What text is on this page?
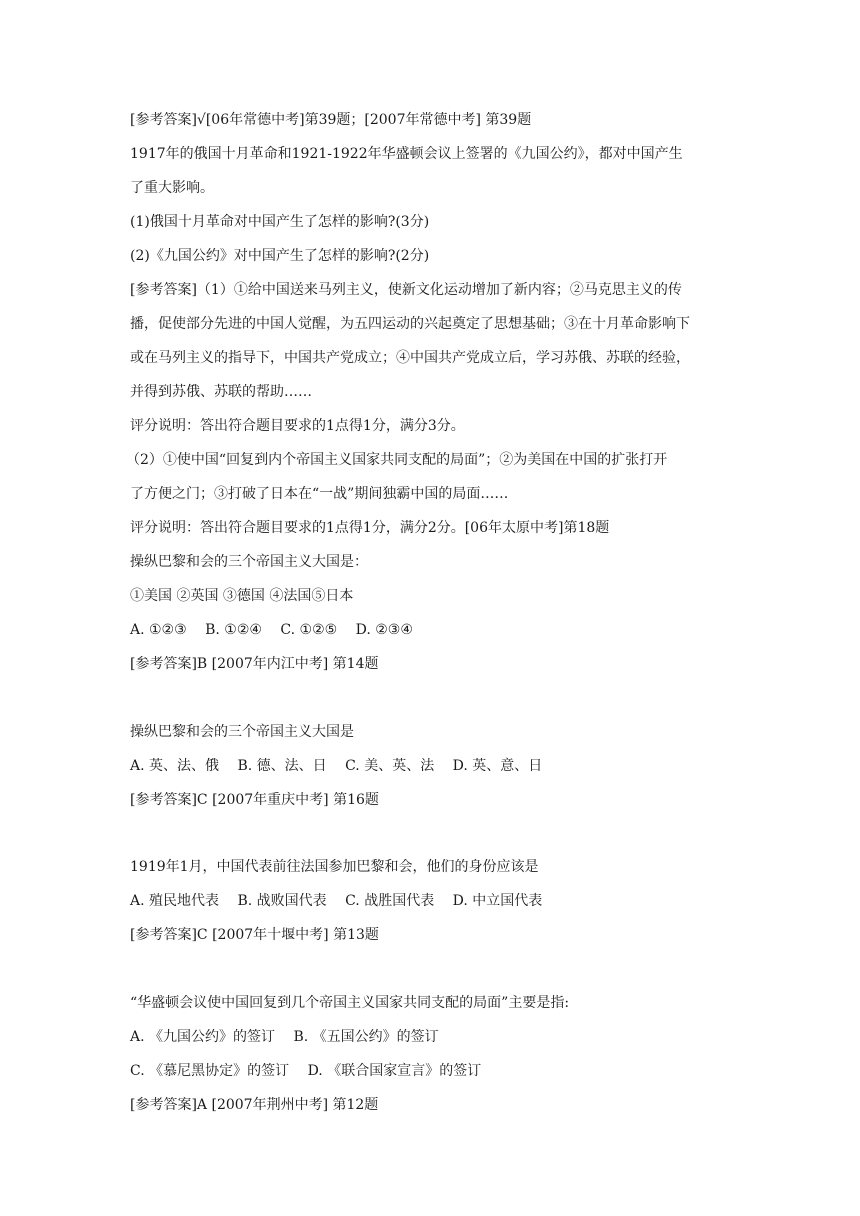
[参考答案]√[06年常德中考]第39题；[2007年常德中考] 第39题
1917年的俄国十月革命和1921-1922年华盛顿会议上签署的《九国公约》，都对中国产生
了重大影响。
(1)俄国十月革命对中国产生了怎样的影响?(3分)
(2)《九国公约》对中国产生了怎样的影响?(2分)
[参考答案]（1）①给中国送来马列主义，使新文化运动增加了新内容；②马克思主义的传
播，促使部分先进的中国人觉醒，为五四运动的兴起奠定了思想基础；③在十月革命影响下
或在马列主义的指导下，中国共产党成立；④中国共产党成立后，学习苏俄、苏联的经验，
并得到苏俄、苏联的帮助……
评分说明：答出符合题目要求的1点得1分，满分3分。
（2）①使中国“回复到内个帝国主义国家共同支配的局面”；②为美国在中国的扩张打开
了方便之门；③打破了日本在“一战”期间独霸中国的局面……
评分说明：答出符合题目要求的1点得1分，满分2分。[06年太原中考]第18题
操纵巴黎和会的三个帝国主义大国是：
①美国 ②英国 ③德国 ④法国⑤日本
A. ①②③　 B. ①②④　 C. ①②⑤　 D. ②③④
[参考答案]B [2007年内江中考] 第14题
操纵巴黎和会的三个帝国主义大国是
A. 英、法、俄　 B. 德、法、日　 C. 美、英、法　 D. 英、意、日
[参考答案]C [2007年重庆中考] 第16题
1919年1月，中国代表前往法国参加巴黎和会，他们的身份应该是
A. 殖民地代表　 B. 战败国代表　 C. 战胜国代表　 D. 中立国代表
[参考答案]C [2007年十堰中考] 第13题
“华盛顿会议使中国回复到几个帝国主义国家共同支配的局面”主要是指:
A. 《九国公约》的签订　 B. 《五国公约》的签订
C. 《慕尼黑协定》的签订　 D. 《联合国家宣言》的签订
[参考答案]A [2007年荆州中考] 第12题
